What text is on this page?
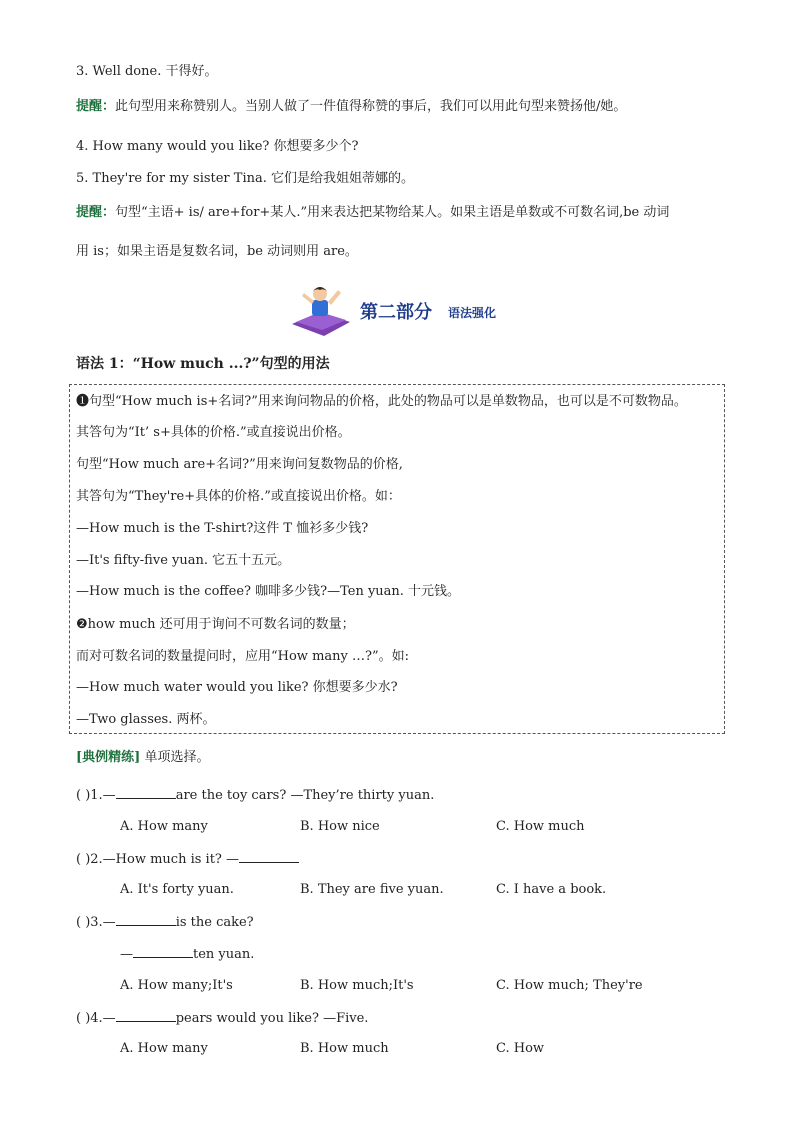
3. Well done. 干得好。
提醒：此句型用来称赞别人。当别人做了一件值得称赞的事后，我们可以用此句型来赞扬他/她。
4. How many would you like? 你想要多少个?
5. They're for my sister Tina. 它们是给我姐姐蒂娜的。
提醒：句型“主语+ is/ are+for+某人.”用来表达把某物给某人。如果主语是单数或不可数名词,be 动词
用 is；如果主语是复数名词，be 动词则用 are。
第二部分 语法强化
语法 1：“How much ...?”句型的用法
❶句型“How much is+名词?”用来询问物品的价格，此处的物品可以是单数物品，也可以是不可数物品。
其答句为“It’ s+具体的价格.”或直接说出价格。
句型“How much are+名词?”用来询问复数物品的价格,
其答句为“They're+具体的价格.”或直接说出价格。如：
—How much is the T-shirt?这件 T 恤衫多少钱?
—It's fifty-five yuan. 它五十五元。
—How much is the coffee? 咖啡多少钱?—Ten yuan. 十元钱。
❷how much 还可用于询问不可数名词的数量；
而对可数名词的数量提问时，应用“How many …?”。如:
—How much water would you like? 你想要多少水?
—Two glasses. 两杯。
[典例精练] 单项选择。
( )1.—	are the toy cars? —They’re thirty yuan.
A. How many	B. How nice	C. How much
( )2.—How much is it? —
A. It's forty yuan.	B. They are five yuan.	C. I have a book.
( )3.—	is the cake?
—	ten yuan.
A. How many;It's	B. How much;It's	C. How much; They're
( )4.—	pears would you like? —Five.
A. How many	B. How much	C. How
